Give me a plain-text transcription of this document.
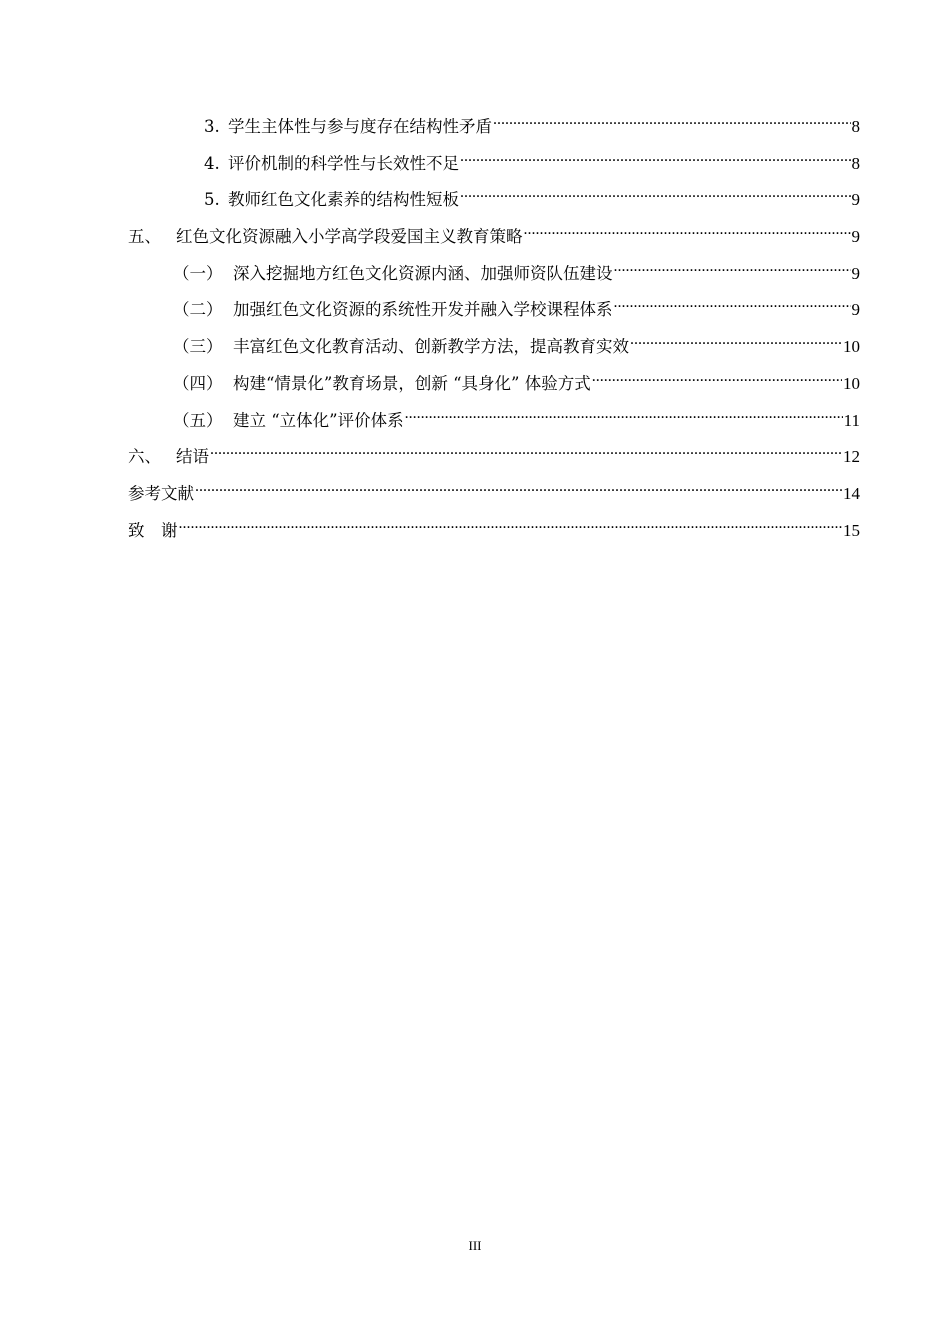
3. 学生主体性与参与度存在结构性矛盾 .....	8
4. 评价机制的科学性与长效性不足 .....	8
5. 教师红色文化素养的结构性短板 .....	9
五、 红色文化资源融入小学高学段爱国主义教育策略 .....	9
（一） 深入挖掘地方红色文化资源内涵、加强师资队伍建设 .....	9
（二） 加强红色文化资源的系统性开发并融入学校课程体系 .....	9
（三） 丰富红色文化教育活动、创新教学方法，提高教育实效 .....	10
（四） 构建“情景化”教育场景，创新 “具身化” 体验方式 .....	10
（五） 建立 “立体化”评价体系 .....	11
六、 结语 .....	12
参考文献 .....	14
致　谢 .....	15
III
